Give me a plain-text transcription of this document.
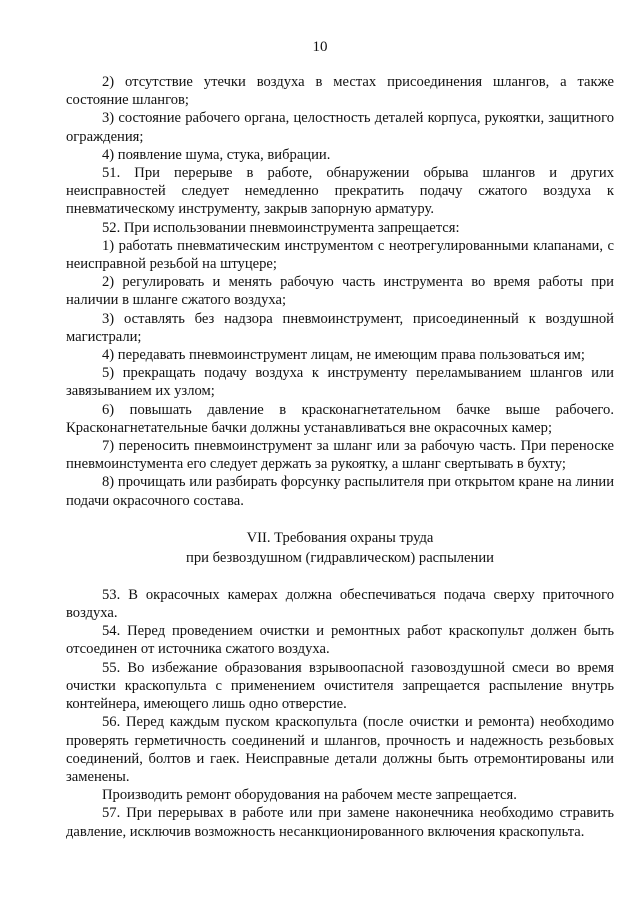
10

2) отсутствие утечки воздуха в местах присоединения шлангов, а также состояние шлангов;

3) состояние рабочего органа, целостность деталей корпуса, рукоятки, защитного ограждения;

4) появление шума, стука, вибрации.

51. При перерыве в работе, обнаружении обрыва шлангов и других неисправностей следует немедленно прекратить подачу сжатого воздуха к пневматическому инструменту, закрыв запорную арматуру.

52. При использовании пневмоинструмента запрещается:

1) работать пневматическим инструментом с неотрегулированными клапанами, с неисправной резьбой на штуцере;

2) регулировать и менять рабочую часть инструмента во время работы при наличии в шланге сжатого воздуха;

3) оставлять без надзора пневмоинструмент, присоединенный к воздушной магистрали;

4) передавать пневмоинструмент лицам, не имеющим права пользоваться им;

5) прекращать подачу воздуха к инструменту переламыванием шлангов или завязыванием их узлом;

6) повышать давление в красконагнетательном бачке выше рабочего. Красконагнетательные бачки должны устанавливаться вне окрасочных камер;

7) переносить пневмоинструмент за шланг или за рабочую часть. При переноске пневмоинстумента его следует держать за рукоятку, а шланг свертывать в бухту;

8) прочищать или разбирать форсунку распылителя при открытом кране на линии подачи окрасочного состава.

VII. Требования охраны труда

при безвоздушном (гидравлическом) распылении

53. В окрасочных камерах должна обеспечиваться подача сверху приточного воздуха.

54. Перед проведением очистки и ремонтных работ краскопульт должен быть отсоединен от источника сжатого воздуха.

55. Во избежание образования взрывоопасной газовоздушной смеси во время очистки краскопульта с применением очистителя запрещается распыление внутрь контейнера, имеющего лишь одно отверстие.

56. Перед каждым пуском краскопульта (после очистки и ремонта) необходимо проверять герметичность соединений и шлангов, прочность и надежность резьбовых соединений, болтов и гаек. Неисправные детали должны быть отремонтированы или заменены.

Производить ремонт оборудования на рабочем месте запрещается.

57. При перерывах в работе или при замене наконечника необходимо стравить давление, исключив возможность несанкционированного включения краскопульта.
